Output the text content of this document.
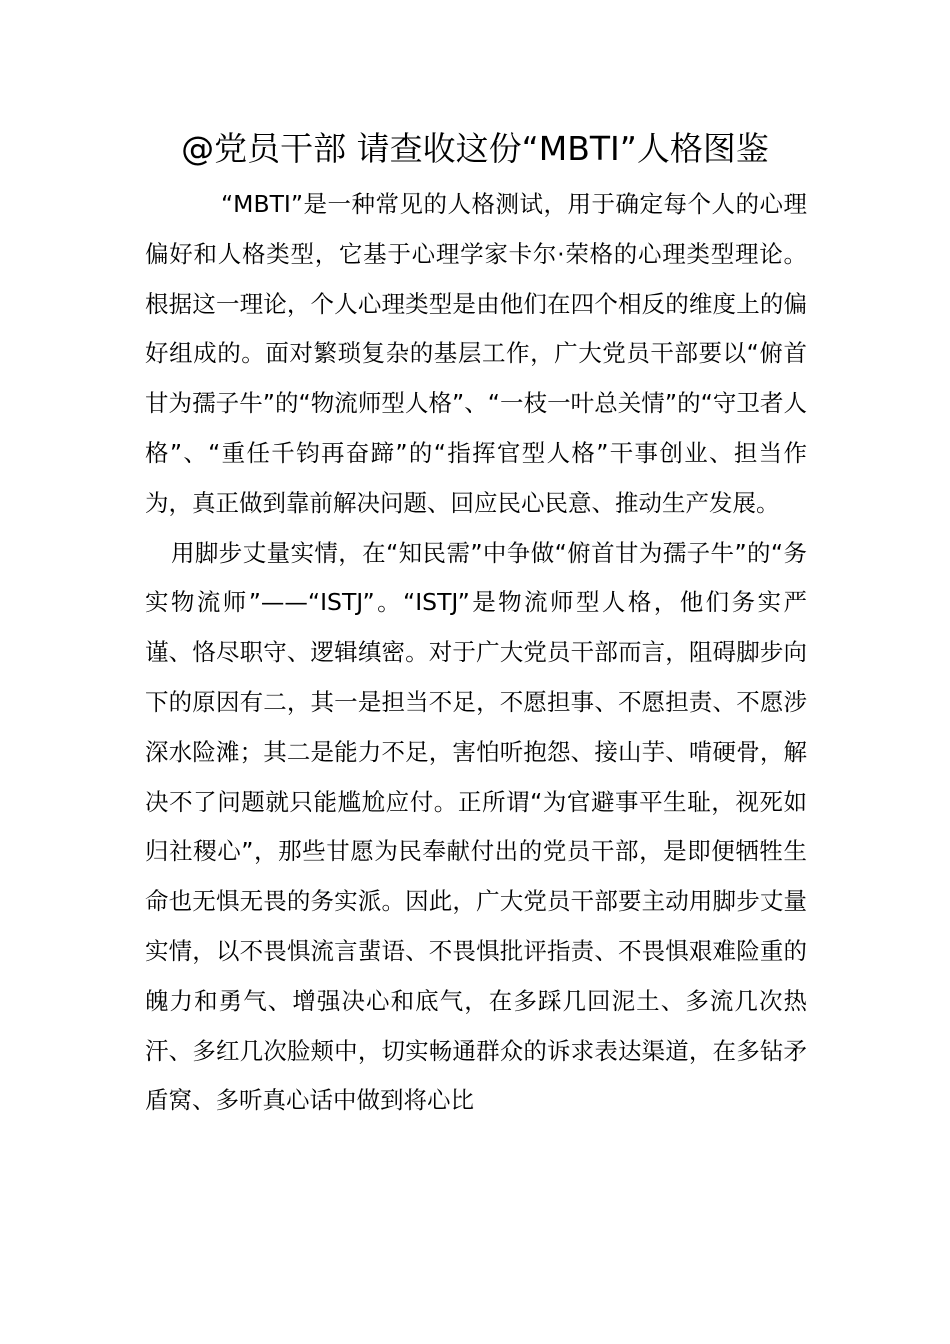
@党员干部 请查收这份“MBTI”人格图鉴

“MBTI”是一种常见的人格测试，用于确定每个人的心理偏好和人格类型，它基于心理学家卡尔·荣格的心理类型理论。根据这一理论，个人心理类型是由他们在四个相反的维度上的偏好组成的。面对繁琐复杂的基层工作，广大党员干部要以“俯首甘为孺子牛”的“物流师型人格”、“一枝一叶总关情”的“守卫者人格”、“重任千钧再奋蹄”的“指挥官型人格”干事创业、担当作为，真正做到靠前解决问题、回应民心民意、推动生产发展。

用脚步丈量实情，在“知民需”中争做“俯首甘为孺子牛”的“务实物流师”——“ISTJ”。“ISTJ”是物流师型人格，他们务实严谨、恪尽职守、逻辑缜密。对于广大党员干部而言，阻碍脚步向下的原因有二，其一是担当不足，不愿担事、不愿担责、不愿涉深水险滩；其二是能力不足，害怕听抱怨、接山芋、啃硬骨，解决不了问题就只能尴尬应付。正所谓“为官避事平生耻，视死如归社稷心”，那些甘愿为民奉献付出的党员干部，是即便牺牲生命也无惧无畏的务实派。因此，广大党员干部要主动用脚步丈量实情，以不畏惧流言蜚语、不畏惧批评指责、不畏惧艰难险重的魄力和勇气、增强决心和底气，在多踩几回泥土、多流几次热汗、多红几次脸颊中，切实畅通群众的诉求表达渠道，在多钻矛盾窝、多听真心话中做到将心比
